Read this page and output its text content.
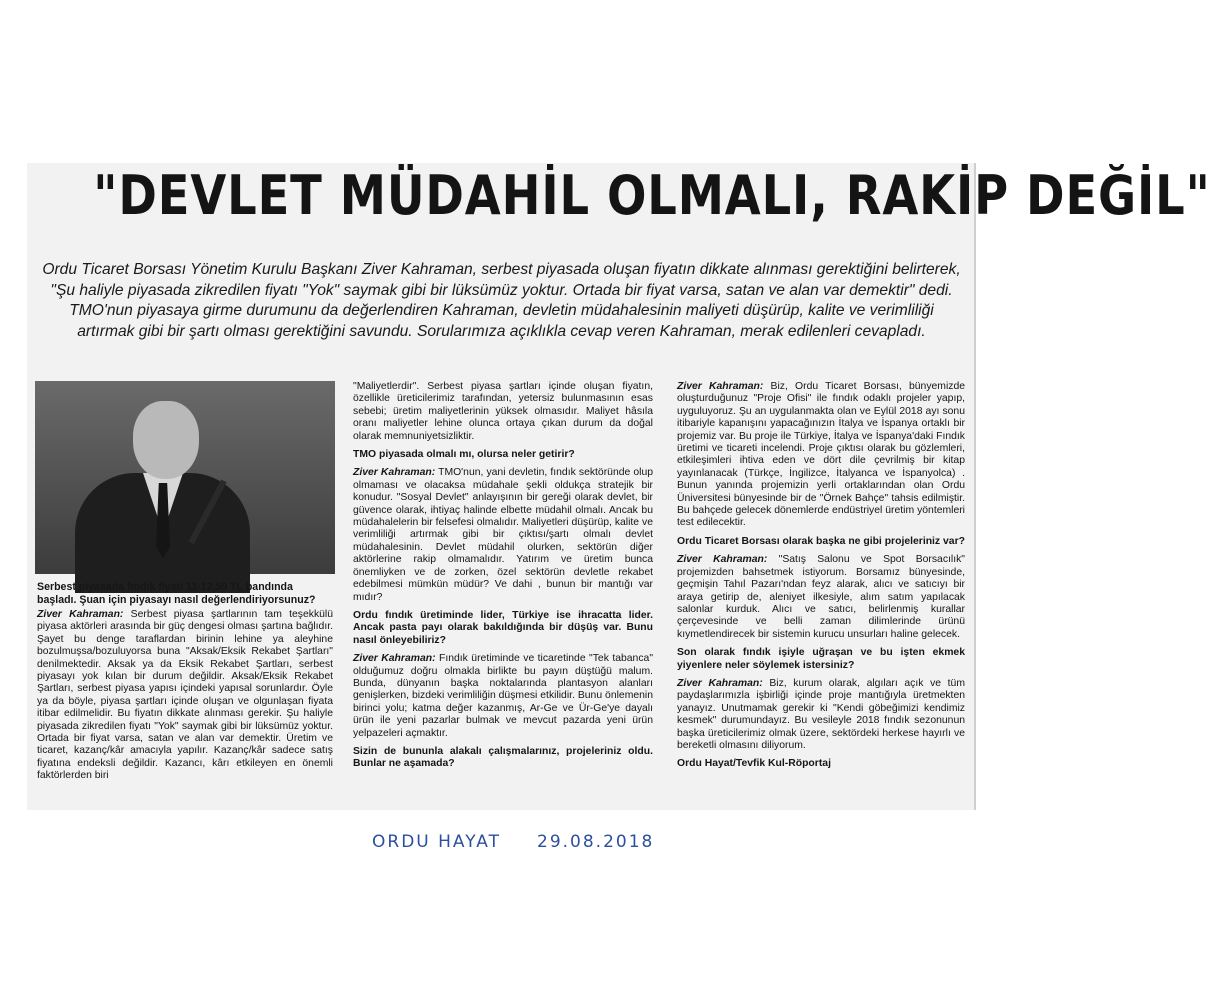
"DEVLET MÜDAHİL OLMALI, RAKİP DEĞİL"
Ordu Ticaret Borsası Yönetim Kurulu Başkanı Ziver Kahraman, serbest piyasada oluşan fiyatın dikkate alınması gerektiğini belirterek, "Şu haliyle piyasada zikredilen fiyatı "Yok" saymak gibi bir lüksümüz yoktur. Ortada bir fiyat varsa, satan ve alan var demektir" dedi. TMO'nun piyasaya girme durumunu da değerlendiren Kahraman, devletin müdahalesinin maliyeti düşürüp, kalite ve verimliliği artırmak gibi bir şartı olması gerektiğini savundu. Sorularımıza açıklıkla cevap veren Kahraman, merak edilenleri cevapladı.
Serbest piyasada fındık fiyatı 11-12,50 TL bandında başladı. Şuan için piyasayı nasıl değerlendiriyorsunuz?

Ziver Kahraman: Serbest piyasa şartlarının tam teşekkülü piyasa aktörleri arasında bir güç dengesi olması şartına bağlıdır. Şayet bu denge taraflardan birinin lehine ya aleyhine bozulmuşsa/bozuluyorsa buna "Aksak/Eksik Rekabet Şartları" denilmektedir. Aksak ya da Eksik Rekabet Şartları, serbest piyasayı yok kılan bir durum değildir. Aksak/Eksik Rekabet Şartları, serbest piyasa yapısı içindeki yapısal sorunlardır. Öyle ya da böyle, piyasa şartları içinde oluşan ve olgunlaşan fiyata itibar edilmelidir. Bu fiyatın dikkate alınması gerekir. Şu haliyle piyasada zikredilen fiyatı "Yok" saymak gibi bir lüksümüz yoktur. Ortada bir fiyat varsa, satan ve alan var demektir. Üretim ve ticaret, kazanç/kâr amacıyla yapılır. Kazanç/kâr sadece satış fiyatına endeksli değildir. Kazancı, kârı etkileyen en önemli faktörlerden biri

"Maliyetlerdir". Serbest piyasa şartları içinde oluşan fiyatın, özellikle üreticilerimiz tarafından, yetersiz bulunmasının esas sebebi; üretim maliyetlerinin yüksek olmasıdır. Maliyet hâsıla oranı maliyetler lehine olunca ortaya çıkan durum da doğal olarak memnuniyetsizliktir.

TMO piyasada olmalı mı, olursa neler getirir?

Ziver Kahraman: TMO'nun, yani devletin, fındık sektöründe olup olmaması ve olacaksa müdahale şekli oldukça stratejik bir konudur. "Sosyal Devlet" anlayışının bir gereği olarak devlet, bir güvence olarak, ihtiyaç halinde elbette müdahil olmalı. Ancak bu müdahalelerin bir felsefesi olmalıdır. Maliyetleri düşürüp, kalite ve verimliliği artırmak gibi bir çıktısı/şartı olmalı devlet müdahalesinin. Devlet müdahil olurken, sektörün diğer aktörlerine rakip olmamalıdır. Yatırım ve üretim bunca önemliyken ve de zorken, özel sektörün devletle rekabet edebilmesi mümkün müdür? Ve dahi , bunun bir mantığı var mıdır?

Ordu fındık üretiminde lider, Türkiye ise ihracatta lider. Ancak pasta payı olarak bakıldığında bir düşüş var. Bunu nasıl önleyebiliriz?

Ziver Kahraman: Fındık üretiminde ve ticaretinde "Tek tabanca" olduğumuz doğru olmakla birlikte bu payın düştüğü malum. Bunda, dünyanın başka noktalarında plantasyon alanları genişlerken, bizdeki verimliliğin düşmesi etkilidir. Bunu önlemenin birinci yolu; katma değer kazanmış, Ar-Ge ve Ür-Ge'ye dayalı ürün ile yeni pazarlar bulmak ve mevcut pazarda yeni ürün yelpazeleri açmaktır.

Sizin de bununla alakalı çalışmalarınız, projeleriniz oldu. Bunlar ne aşamada?

Ziver Kahraman: Biz, Ordu Ticaret Borsası, bünyemizde oluşturduğunuz "Proje Ofisi" ile fındık odaklı projeler yapıp, uyguluyoruz. Şu an uygulanmakta olan ve Eylül 2018 ayı sonu itibariyle kapanışını yapacağınızın İtalya ve İspanya ortaklı bir projemiz var. Bu proje ile Türkiye, İtalya ve İspanya'daki Fındık üretimi ve ticareti incelendi. Proje çıktısı olarak bu gözlemleri, etkileşimleri ihtiva eden ve dört dile çevrilmiş bir kitap yayınlanacak (Türkçe, İngilizce, İtalyanca ve İspanyolca) . Bunun yanında projemizin yerli ortaklarından olan Ordu Üniversitesi bünyesinde bir de "Örnek Bahçe" tahsis edilmiştir. Bu bahçede gelecek dönemlerde endüstriyel üretim yöntemleri test edilecektir.

Ordu Ticaret Borsası olarak başka ne gibi projeleriniz var?

Ziver Kahraman: "Satış Salonu ve Spot Borsacılık" projemizden bahsetmek istiyorum. Borsamız bünyesinde, geçmişin Tahıl Pazarı'ndan feyz alarak, alıcı ve satıcıyı bir araya getirip de, aleniyet ilkesiyle, alım satım yapılacak salonlar kurduk. Alıcı ve satıcı, belirlenmiş kurallar çerçevesinde ve belli zaman dilimlerinde ürünü kıymetlendirecek bir sistemin kurucu unsurları haline gelecek.

Son olarak fındık işiyle uğraşan ve bu işten ekmek yiyenlere neler söylemek istersiniz?

Ziver Kahraman: Biz, kurum olarak, algıları açık ve tüm paydaşlarımızla işbirliği içinde proje mantığıyla üretmekten yanayız. Unutmamak gerekir ki "Kendi göbeğimizi kendimiz kesmek" durumundayız. Bu vesileyle 2018 fındık sezonunun başka üreticilerimiz olmak üzere, sektördeki herkese hayırlı ve bereketli olmasını diliyorum.

Ordu Hayat/Tevfik Kul-Röportaj

ORDU HAYAT 29.08.2018
